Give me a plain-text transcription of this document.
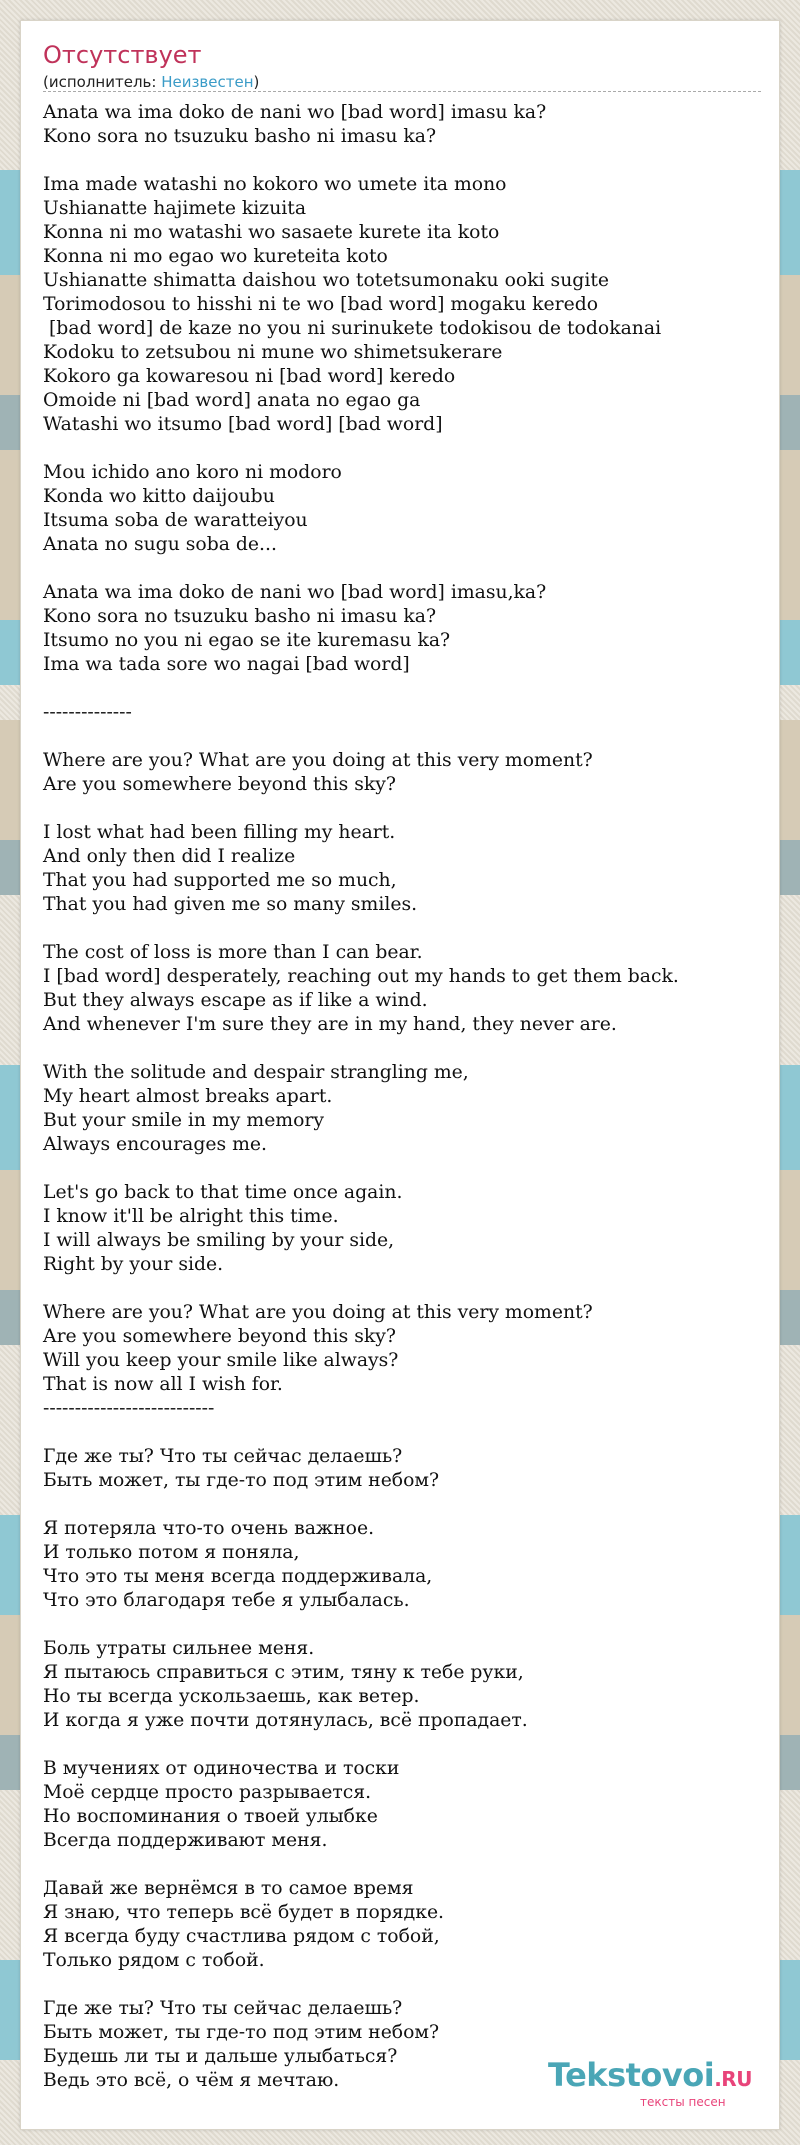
Отсутствует
(исполнитель: Неизвестен)
Anata wa ima doko de nani wo [bad word] imasu ka?
Kono sora no tsuzuku basho ni imasu ka?
Ima made watashi no kokoro wo umete ita mono
Ushianatte hajimete kizuita
Konna ni mo watashi wo sasaete kurete ita koto
Konna ni mo egao wo kureteita koto
Ushianatte shimatta daishou wo totetsumonaku ooki sugite
Torimodosou to hisshi ni te wo [bad word] mogaku keredo
[bad word] de kaze no you ni surinukete todokisou de todokanai
Kodoku to zetsubou ni mune wo shimetsukerare
Kokoro ga kowaresou ni [bad word] keredo
Omoide ni [bad word] anata no egao ga
Watashi wo itsumo [bad word] [bad word]
Mou ichido ano koro ni modoro
Konda wo kitto daijoubu
Itsuma soba de waratteiyou
Anata no sugu soba de...
Anata wa ima doko de nani wo [bad word] imasu,ka?
Kono sora no tsuzuku basho ni imasu ka?
Itsumo no you ni egao se ite kuremasu ka?
Ima wa tada sore wo nagai [bad word]
--------------
Where are you? What are you doing at this very moment?
Are you somewhere beyond this sky?
I lost what had been filling my heart.
And only then did I realize
That you had supported me so much,
That you had given me so many smiles.
The cost of loss is more than I can bear.
I [bad word] desperately, reaching out my hands to get them back.
But they always escape as if like a wind.
And whenever I'm sure they are in my hand, they never are.
With the solitude and despair strangling me,
My heart almost breaks apart.
But your smile in my memory
Always encourages me.
Let's go back to that time once again.
I know it'll be alright this time.
I will always be smiling by your side,
Right by your side.
Where are you? What are you doing at this very moment?
Are you somewhere beyond this sky?
Will you keep your smile like always?
That is now all I wish for.
---------------------------
Где же ты? Что ты сейчас делаешь?
Быть может, ты где-то под этим небом?
Я потеряла что-то очень важное.
И только потом я поняла,
Что это ты меня всегда поддерживала,
Что это благодаря тебе я улыбалась.
Боль утраты сильнее меня.
Я пытаюсь справиться с этим, тяну к тебе руки,
Но ты всегда ускользаешь, как ветер.
И когда я уже почти дотянулась, всё пропадает.
В мучениях от одиночества и тоски
Моё сердце просто разрывается.
Но воспоминания о твоей улыбке
Всегда поддерживают меня.
Давай же вернёмся в то самое время
Я знаю, что теперь всё будет в порядке.
Я всегда буду счастлива рядом с тобой,
Только рядом с тобой.
Где же ты? Что ты сейчас делаешь?
Быть может, ты где-то под этим небом?
Будешь ли ты и дальше улыбаться?
Ведь это всё, о чём я мечтаю.	Tekstovoi.RU
тексты песен
